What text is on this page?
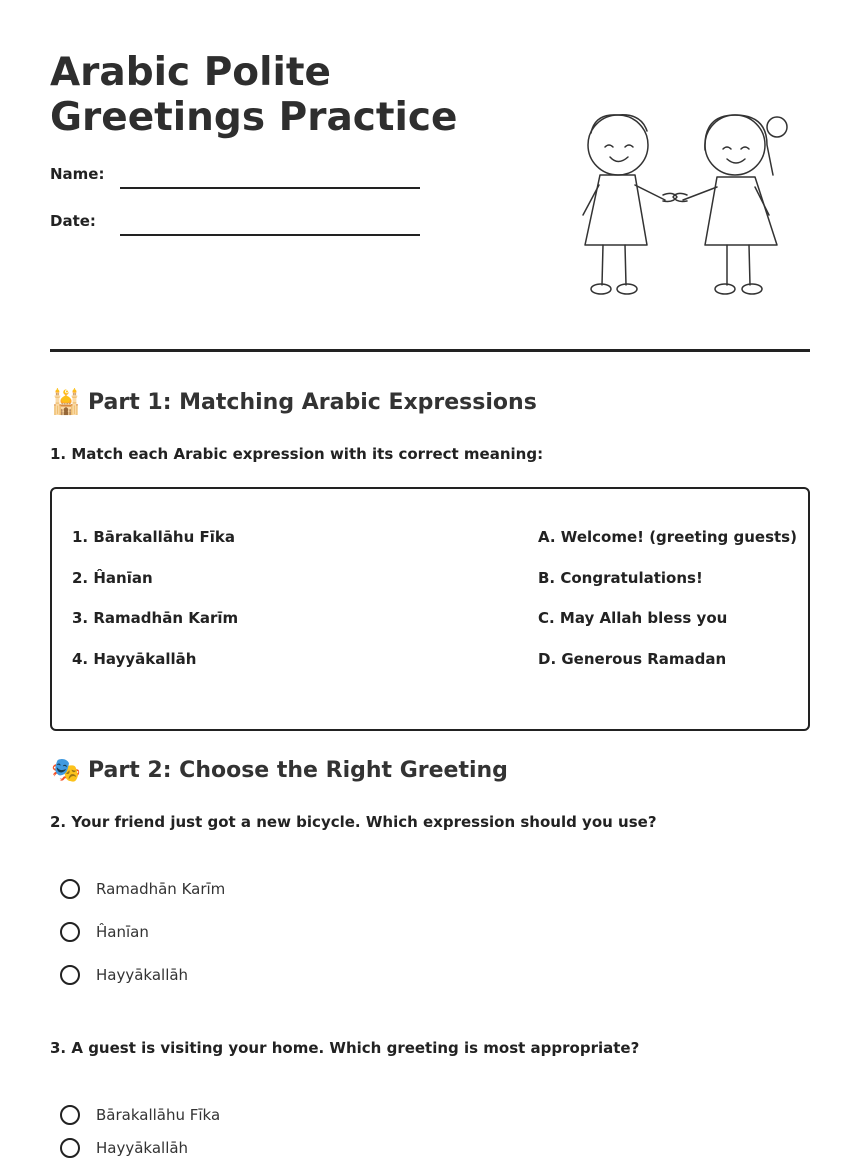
Arabic Polite Greetings Practice
Name:
Date:
🕌 Part 1: Matching Arabic Expressions
1. Match each Arabic expression with its correct meaning:
1. Bārakallāhu Fīka
2. Ĥanīan
3. Ramadhān Karīm
4. Hayyākallāh
A. Welcome! (greeting guests)
B. Congratulations!
C. May Allah bless you
D. Generous Ramadan
🎭 Part 2: Choose the Right Greeting
2. Your friend just got a new bicycle. Which expression should you use?
Ramadhān Karīm
Ĥanīan
Hayyākallāh
3. A guest is visiting your home. Which greeting is most appropriate?
Bārakallāhu Fīka
Hayyākallāh
